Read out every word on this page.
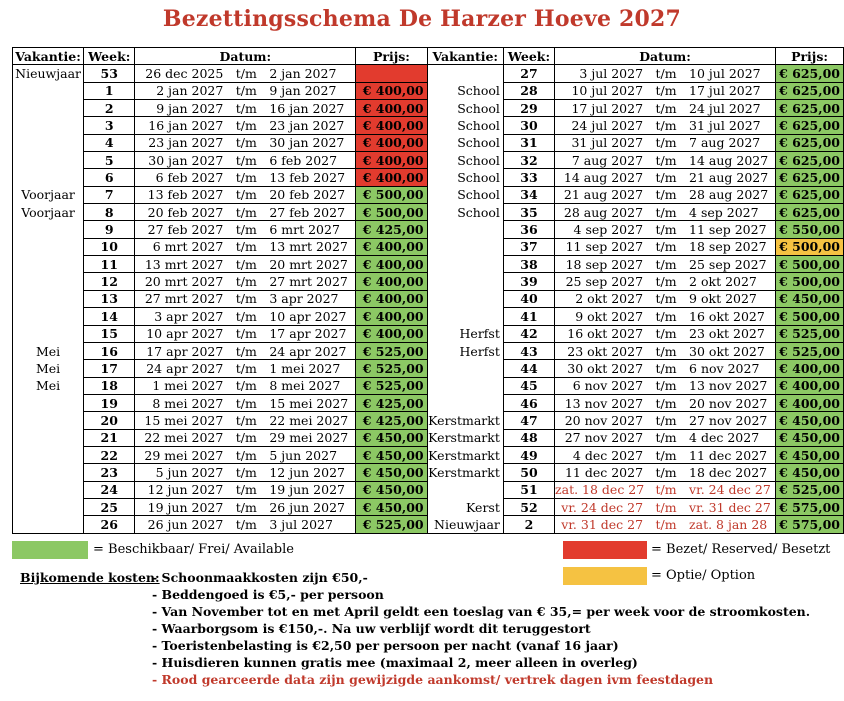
Bezettingsschema De Harzer Hoeve 2027
Vakantie:	Week:	Datum:	Prijs:	Vakantie:	Week:	Datum:	Prijs:
Nieuwjaar	53	26 dec 2025 t/m 2 jan 2027			27	3 jul 2027 t/m 10 jul 2027	€ 625,00
	1	2 jan 2027 t/m 9 jan 2027	€ 400,00	School	28	10 jul 2027 t/m 17 jul 2027	€ 625,00
	2	9 jan 2027 t/m 16 jan 2027	€ 400,00	School	29	17 jul 2027 t/m 24 jul 2027	€ 625,00
	3	16 jan 2027 t/m 23 jan 2027	€ 400,00	School	30	24 jul 2027 t/m 31 jul 2027	€ 625,00
	4	23 jan 2027 t/m 30 jan 2027	€ 400,00	School	31	31 jul 2027 t/m 7 aug 2027	€ 625,00
	5	30 jan 2027 t/m 6 feb 2027	€ 400,00	School	32	7 aug 2027 t/m 14 aug 2027	€ 625,00
	6	6 feb 2027 t/m 13 feb 2027	€ 400,00	School	33	14 aug 2027 t/m 21 aug 2027	€ 625,00
Voorjaar	7	13 feb 2027 t/m 20 feb 2027	€ 500,00	School	34	21 aug 2027 t/m 28 aug 2027	€ 625,00
Voorjaar	8	20 feb 2027 t/m 27 feb 2027	€ 500,00	School	35	28 aug 2027 t/m 4 sep 2027	€ 625,00
	9	27 feb 2027 t/m 6 mrt 2027	€ 425,00		36	4 sep 2027 t/m 11 sep 2027	€ 550,00
	10	6 mrt 2027 t/m 13 mrt 2027	€ 400,00		37	11 sep 2027 t/m 18 sep 2027	€ 500,00
	11	13 mrt 2027 t/m 20 mrt 2027	€ 400,00		38	18 sep 2027 t/m 25 sep 2027	€ 500,00
	12	20 mrt 2027 t/m 27 mrt 2027	€ 400,00		39	25 sep 2027 t/m 2 okt 2027	€ 500,00
	13	27 mrt 2027 t/m 3 apr 2027	€ 400,00		40	2 okt 2027 t/m 9 okt 2027	€ 450,00
	14	3 apr 2027 t/m 10 apr 2027	€ 400,00		41	9 okt 2027 t/m 16 okt 2027	€ 500,00
	15	10 apr 2027 t/m 17 apr 2027	€ 400,00	Herfst	42	16 okt 2027 t/m 23 okt 2027	€ 525,00
Mei	16	17 apr 2027 t/m 24 apr 2027	€ 525,00	Herfst	43	23 okt 2027 t/m 30 okt 2027	€ 525,00
Mei	17	24 apr 2027 t/m 1 mei 2027	€ 525,00		44	30 okt 2027 t/m 6 nov 2027	€ 400,00
Mei	18	1 mei 2027 t/m 8 mei 2027	€ 525,00		45	6 nov 2027 t/m 13 nov 2027	€ 400,00
	19	8 mei 2027 t/m 15 mei 2027	€ 425,00		46	13 nov 2027 t/m 20 nov 2027	€ 400,00
	20	15 mei 2027 t/m 22 mei 2027	€ 425,00	Kerstmarkt	47	20 nov 2027 t/m 27 nov 2027	€ 450,00
	21	22 mei 2027 t/m 29 mei 2027	€ 450,00	Kerstmarkt	48	27 nov 2027 t/m 4 dec 2027	€ 450,00
	22	29 mei 2027 t/m 5 jun 2027	€ 450,00	Kerstmarkt	49	4 dec 2027 t/m 11 dec 2027	€ 450,00
	23	5 jun 2027 t/m 12 jun 2027	€ 450,00	Kerstmarkt	50	11 dec 2027 t/m 18 dec 2027	€ 450,00
	24	12 jun 2027 t/m 19 jun 2027	€ 450,00		51	zat. 18 dec 27 t/m vr. 24 dec 27	€ 525,00
	25	19 jun 2027 t/m 26 jun 2027	€ 450,00	Kerst	52	vr. 24 dec 27 t/m vr. 31 dec 27	€ 575,00
	26	26 jun 2027 t/m 3 jul 2027	€ 525,00	Nieuwjaar	2	vr. 31 dec 27 t/m zat. 8 jan 28	€ 575,00
= Beschikbaar/ Frei/ Available	= Bezet/ Reserved/ Besetzt
= Optie/ Option
Bijkomende kosten:
- Schoonmaakkosten zijn €50,-
- Beddengoed is €5,- per persoon
- Van November tot en met April geldt een toeslag van € 35,= per week voor de stroomkosten.
- Waarborgsom is €150,-. Na uw verblijf wordt dit teruggestort
- Toeristenbelasting is €2,50 per persoon per nacht (vanaf 16 jaar)
- Huisdieren kunnen gratis mee (maximaal 2, meer alleen in overleg)
- Rood gearceerde data zijn gewijzigde aankomst/ vertrek dagen ivm feestdagen
